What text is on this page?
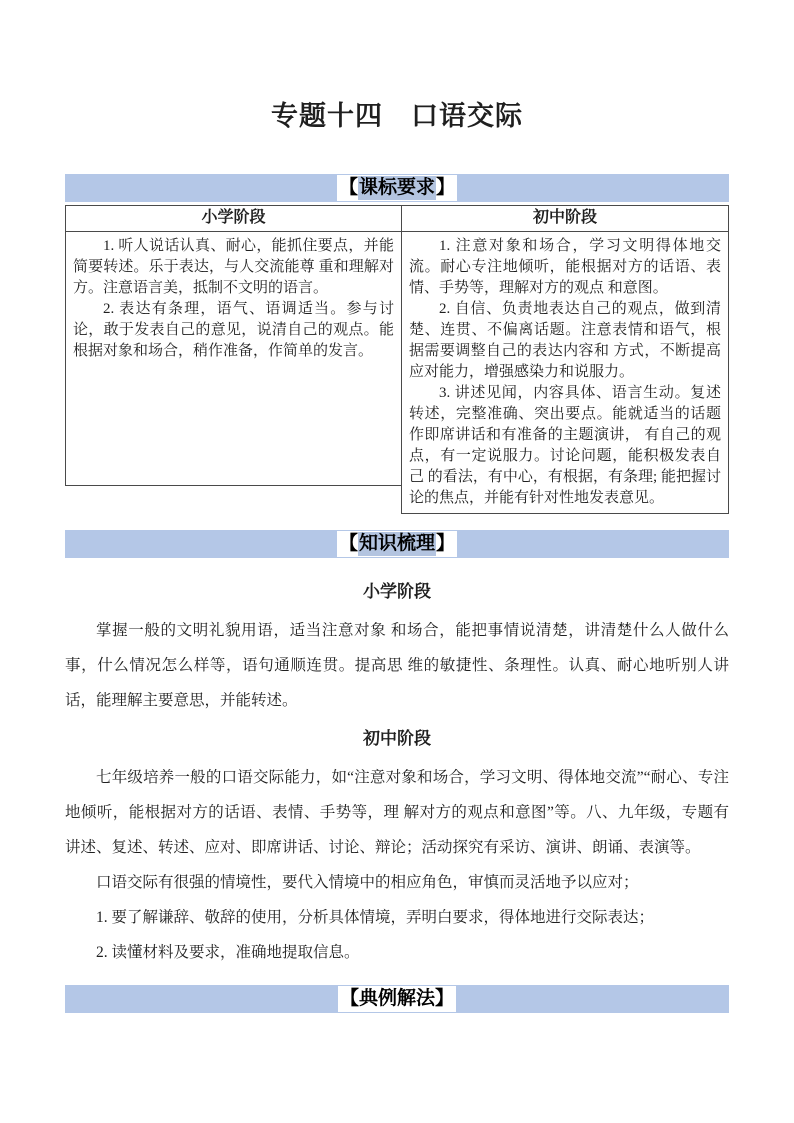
专题十四　口语交际
【 课标要求 】
小学阶段

1. 听人说话认真、耐心，能抓住要点，并能简要转述。乐于表达，与人交流能尊 重和理解对方。注意语言美，抵制不文明的语言。

2. 表达有条理，语气、语调适当。参与讨论，敢于发表自己的意见，说清自己的观点。能根据对象和场合，稍作准备，作简单的发言。

初中阶段

1. 注意对象和场合，学习文明得体地交流。耐心专注地倾听，能根据对方的话语、表情、手势等，理解对方的观点 和意图。

2. 自信、负责地表达自己的观点，做到清楚、连贯、不偏离话题。注意表情和语气，根据需要调整自己的表达内容和 方式，不断提高应对能力，增强感染力和说服力。

3. 讲述见闻，内容具体、语言生动。复述转述，完整准确、突出要点。能就适当的话题作即席讲话和有准备的主题演讲， 有自己的观点，有一定说服力。讨论问题，能积极发表自己 的看法，有中心，有根据，有条理; 能把握讨论的焦点，并能有针对性地发表意见。

【 知识梳理 】
小学阶段

掌握一般的文明礼貌用语，适当注意对象 和场合，能把事情说清楚，讲清楚什么人做什么 事，什么情况怎么样等，语句通顺连贯。提高思 维的敏捷性、条理性。认真、耐心地听别人讲话，能理解主要意思，并能转述。

初中阶段

七年级培养一般的口语交际能力，如“注意对象和场合，学习文明、得体地交流”“耐心、专注地倾听，能根据对方的话语、表情、手势等，理 解对方的观点和意图”等。八、九年级，专题有　讲述、复述、转述、应对、即席讲话、讨论、辩论；活动探究有采访、演讲、朗诵、表演等。

口语交际有很强的情境性，要代入情境中的相应角色，审慎而灵活地予以应对；

1. 要了解谦辞、敬辞的使用，分析具体情境，弄明白要求，得体地进行交际表达；

2. 读懂材料及要求，准确地提取信息。

【 典例解法 】
